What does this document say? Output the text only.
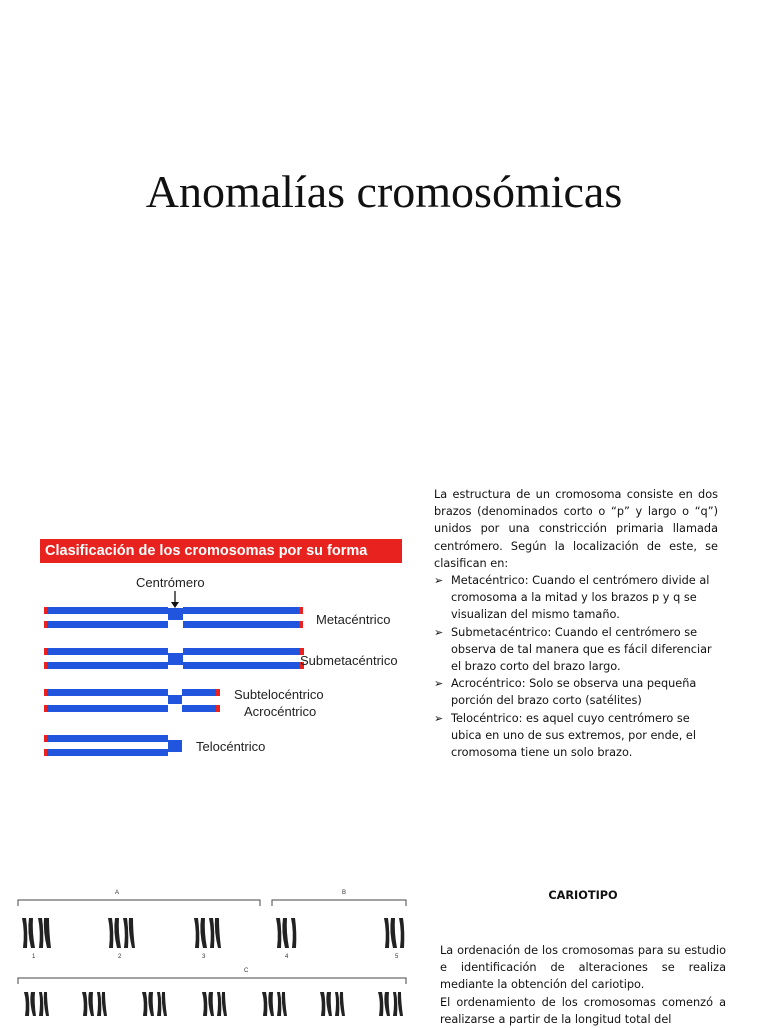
Anomalías cromosómicas
Clasificación de los cromosomas por su forma
Centrómero
Metacéntrico
Submetacéntrico
Subtelocéntrico
Acrocéntrico
Telocéntrico

La estructura de un cromosoma consiste en dos brazos (denominados corto o “p” y largo o “q”) unidos por una constricción primaria llamada centrómero. Según la localización de este, se clasifican en:

➢ Metacéntrico: Cuando el centrómero divide al cromosoma a la mitad y los brazos p y q se visualizan del mismo tamaño.
➢ Submetacéntrico: Cuando el centrómero se observa de tal manera que es fácil diferenciar el brazo corto del brazo largo.
➢ Acrocéntrico: Solo se observa una pequeña porción del brazo corto (satélites)
➢ Telocéntrico: es aquel cuyo centrómero se ubica en uno de sus extremos, por ende, el cromosoma tiene un solo brazo.
A	B
C
1	2	3	4	5
CARIOTIPO

La ordenación de los cromosomas para su estudio e identificación de alteraciones se realiza mediante la obtención del cariotipo.

El ordenamiento de los cromosomas comenzó a realizarse a partir de la longitud total del
